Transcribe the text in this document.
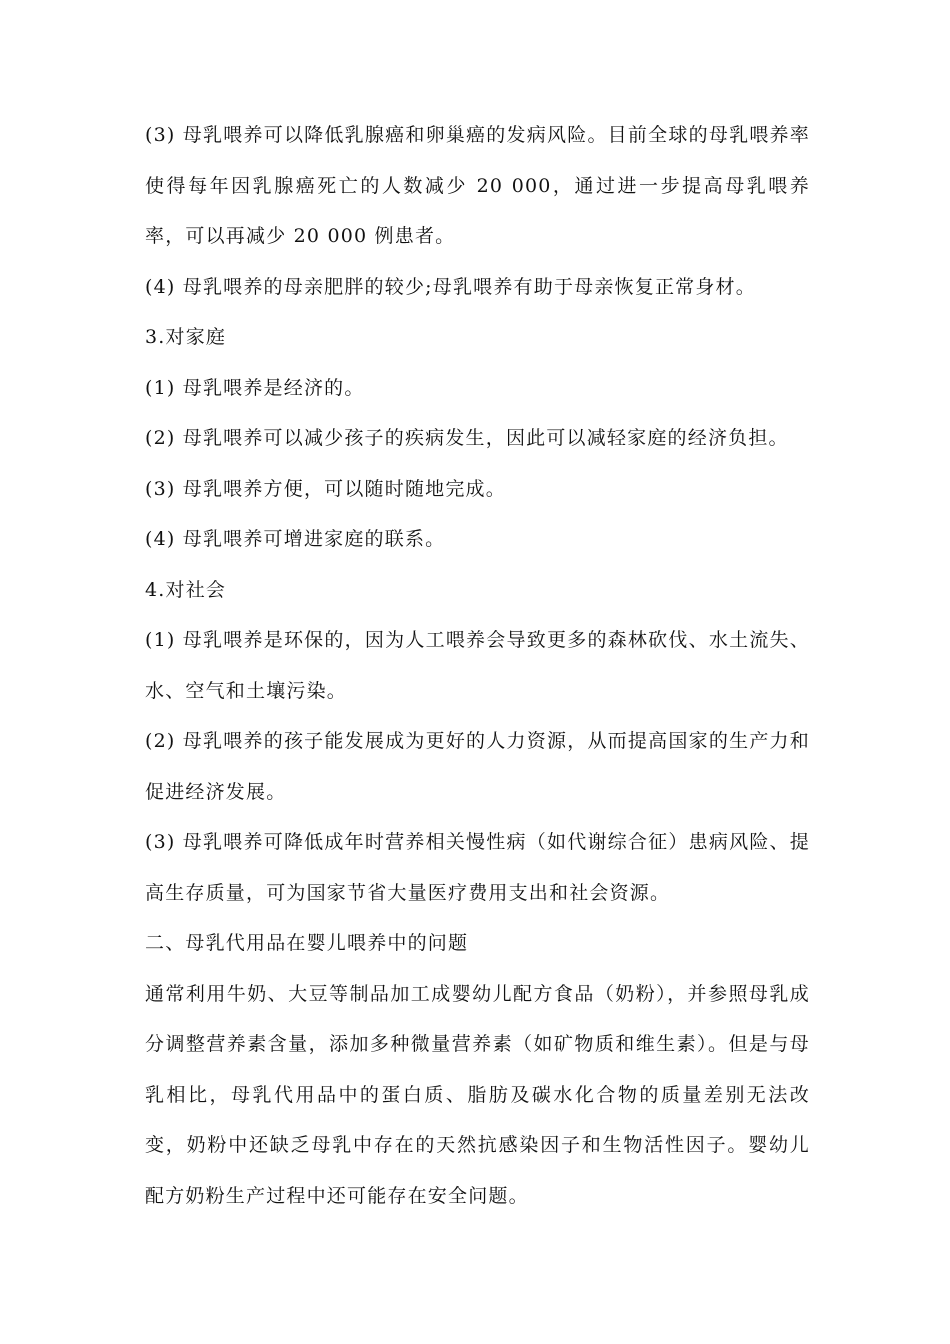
(3) 母乳喂养可以降低乳腺癌和卵巢癌的发病风险。目前全球的母乳喂养率使得每年因乳腺癌死亡的人数减少 20 000，通过进一步提高母乳喂养率，可以再减少 20 000 例患者。

(4) 母乳喂养的母亲肥胖的较少;母乳喂养有助于母亲恢复正常身材。

3.对家庭

(1) 母乳喂养是经济的。

(2) 母乳喂养可以减少孩子的疾病发生，因此可以减轻家庭的经济负担。

(3) 母乳喂养方便，可以随时随地完成。

(4) 母乳喂养可增进家庭的联系。

4.对社会

(1) 母乳喂养是环保的，因为人工喂养会导致更多的森林砍伐、水土流失、水、空气和土壤污染。

(2) 母乳喂养的孩子能发展成为更好的人力资源，从而提高国家的生产力和促进经济发展。

(3) 母乳喂养可降低成年时营养相关慢性病（如代谢综合征）患病风险、提高生存质量，可为国家节省大量医疗费用支出和社会资源。

二、母乳代用品在婴儿喂养中的问题

通常利用牛奶、大豆等制品加工成婴幼儿配方食品（奶粉），并参照母乳成分调整营养素含量，添加多种微量营养素（如矿物质和维生素）。但是与母乳相比，母乳代用品中的蛋白质、脂肪及碳水化合物的质量差别无法改变，奶粉中还缺乏母乳中存在的天然抗感染因子和生物活性因子。婴幼儿配方奶粉生产过程中还可能存在安全问题。
